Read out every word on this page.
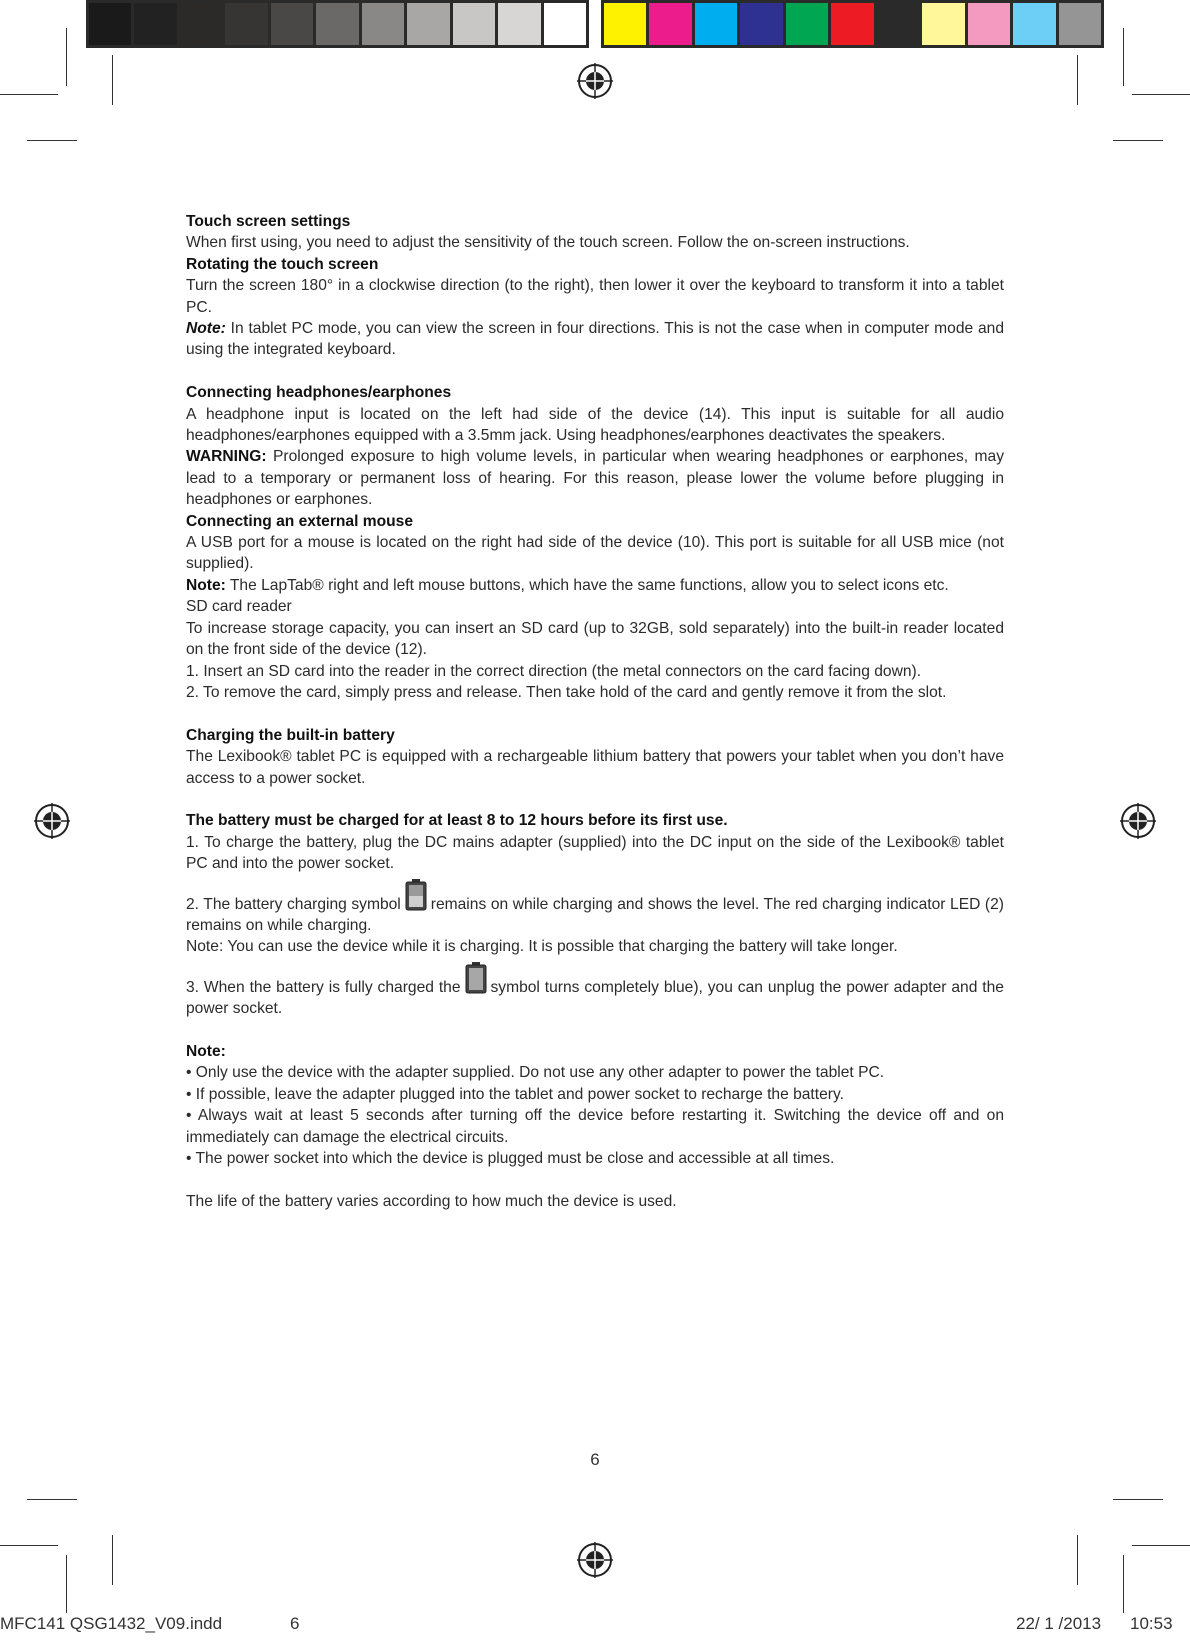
Touch screen settings

When first using, you need to adjust the sensitivity of the touch screen. Follow the on-screen instructions.

Rotating the touch screen

Turn the screen 180° in a clockwise direction (to the right), then lower it over the keyboard to transform it into a tablet PC.

Note: In tablet PC mode, you can view the screen in four directions. This is not the case when in computer mode and using the integrated keyboard.

Connecting headphones/earphones

A headphone input is located on the left had side of the device (14). This input is suitable for all audio headphones/earphones equipped with a 3.5mm jack. Using headphones/earphones deactivates the speakers.

WARNING: Prolonged exposure to high volume levels, in particular when wearing headphones or earphones, may lead to a temporary or permanent loss of hearing. For this reason, please lower the volume before plugging in headphones or earphones.

Connecting an external mouse

A USB port for a mouse is located on the right had side of the device (10). This port is suitable for all USB mice (not supplied).

Note: The LapTab® right and left mouse buttons, which have the same functions, allow you to select icons etc.

SD card reader

To increase storage capacity, you can insert an SD card (up to 32GB, sold separately) into the built-in reader located on the front side of the device (12).

1. Insert an SD card into the reader in the correct direction (the metal connectors on the card facing down).

2. To remove the card, simply press and release. Then take hold of the card and gently remove it from the slot.

Charging the built-in battery

The Lexibook® tablet PC is equipped with a rechargeable lithium battery that powers your tablet when you don’t have access to a power socket.

The battery must be charged for at least 8 to 12 hours before its first use.

1. To charge the battery, plug the DC mains adapter (supplied) into the DC input on the side of the Lexibook® tablet PC and into the power socket.

2. The battery charging symbol remains on while charging and shows the level. The red charging indicator LED (2) remains on while charging.

Note: You can use the device while it is charging. It is possible that charging the battery will take longer.

3. When the battery is fully charged the symbol turns completely blue), you can unplug the power adapter and the power socket.

Note:

• Only use the device with the adapter supplied. Do not use any other adapter to power the tablet PC.

• If possible, leave the adapter plugged into the tablet and power socket to recharge the battery.

• Always wait at least 5 seconds after turning off the device before restarting it. Switching the device off and on immediately can damage the electrical circuits.

• The power socket into which the device is plugged must be close and accessible at all times.

The life of the battery varies according to how much the device is used.

6
MFC141 QSG1432_V09.indd	6	22/ 1 /2013 10:53
